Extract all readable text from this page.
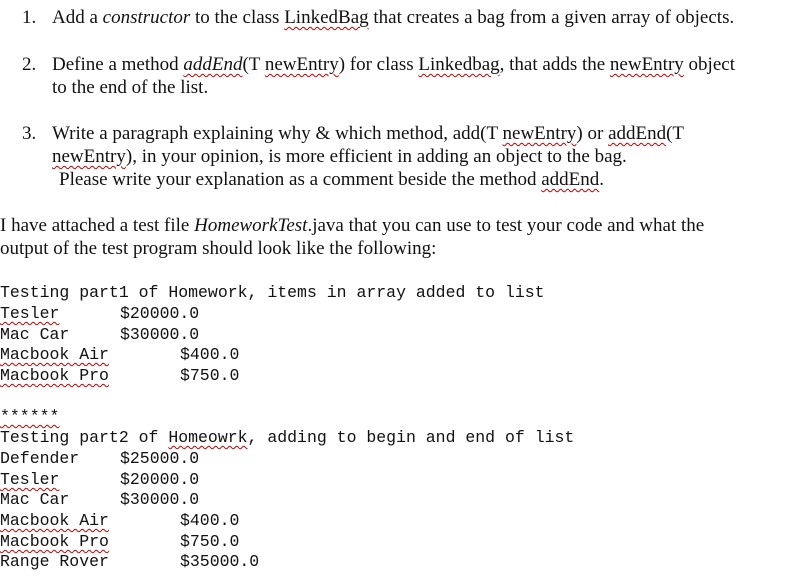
1. Add a constructor to the class LinkedBag that creates a bag from a given array of objects.
2. Define a method addEnd(T newEntry) for class Linkedbag, that adds the newEntry object
to the end of the list.
3. Write a paragraph explaining why & which method, add(T newEntry) or addEnd(T
newEntry), in your opinion, is more efficient in adding an object to the bag.
Please write your explanation as a comment beside the method addEnd.
I have attached a test file HomeworkTest.java that you can use to test your code and what the
output of the test program should look like the following:
Testing part1 of Homework, items in array added to list
Tesler	$20000.0
Mac Car	$30000.0
Macbook Air	$400.0
Macbook Pro	$750.0
******
Testing part2 of Homeowrk, adding to begin and end of list
Defender $25000.0
Tesler	$20000.0
Mac Car	$30000.0
Macbook Air	$400.0
Macbook Pro	$750.0
Range Rover	$35000.0
